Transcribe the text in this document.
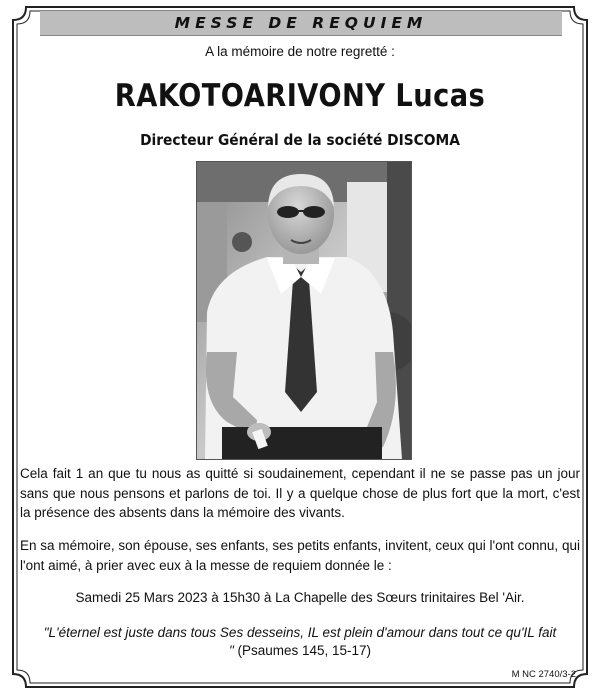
MESSE DE REQUIEM
A la mémoire de notre regretté :
RAKOTOARIVONY Lucas
Directeur Général de la société DISCOMA
Cela fait 1 an que tu nous as quitté si soudainement, cependant il ne se passe pas un jour sans que nous pensons et parlons de toi. Il y a quelque chose de plus fort que la mort, c'est la présence des absents dans la mémoire des vivants.
En sa mémoire, son épouse, ses enfants, ses petits enfants, invitent, ceux qui l'ont connu, qui l'ont aimé, à prier avec eux à la messe de requiem donnée le :
Samedi 25 Mars 2023 à 15h30 à La Chapelle des Sœurs trinitaires Bel 'Air.
"L'éternel est juste dans tous Ses desseins, IL est plein d'amour dans tout ce qu'IL fait " (Psaumes 145, 15-17)
M NC 2740/3-2
